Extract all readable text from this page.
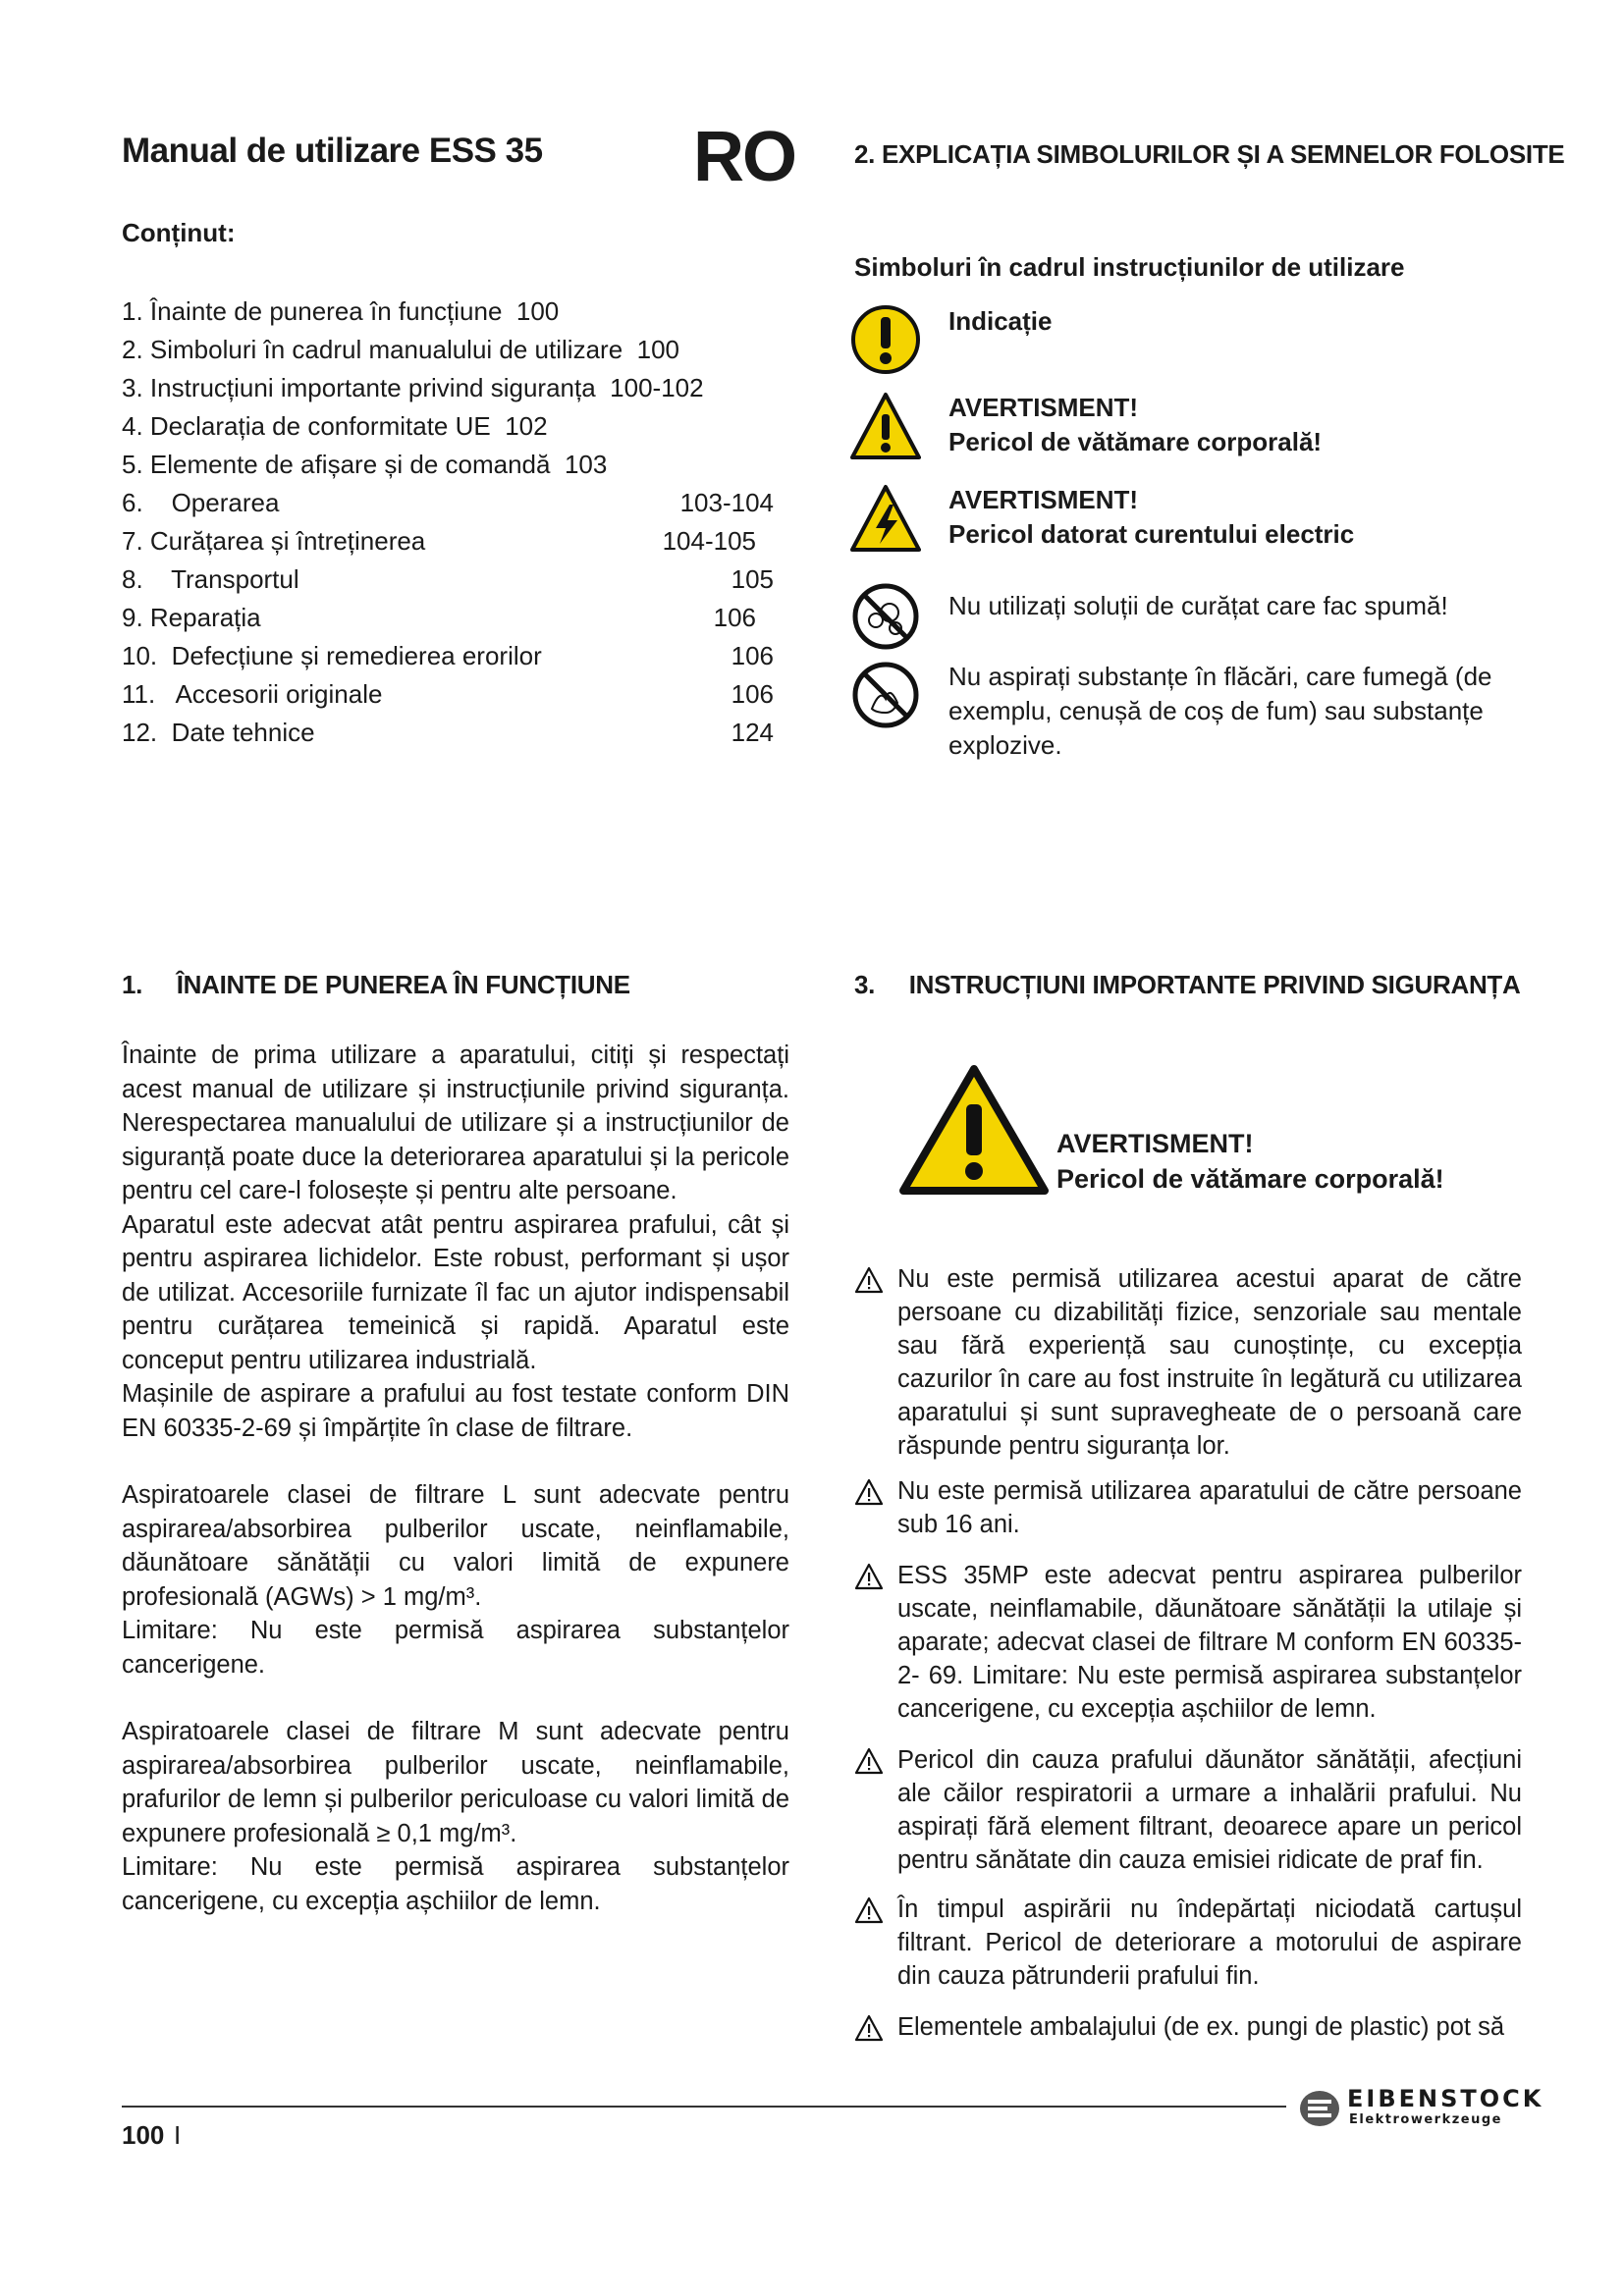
Manual de utilizare ESS 35 RO
Conținut:
1. Înainte de punerea în funcțiune 100
2. Simboluri în cadrul manualului de utilizare 100
3. Instrucțiuni importante privind siguranța 100-102
4. Declarația de conformitate UE 102
5. Elemente de afișare și de comandă 103
6.    Operarea	103-104
7. Curățarea și întreținerea	104-105
8.    Transportul	105
9. Reparația	106
10.  Defecțiune și remedierea erorilor	106
11.   Accesorii originale	106
12.  Date tehnice	124
2. EXPLICAȚIA SIMBOLURILOR ȘI A SEMNELOR FOLOSITE
Simboluri în cadrul instrucțiunilor de utilizare
Indicație
AVERTISMENT!
Pericol de vătămare corporală!
AVERTISMENT!
Pericol datorat curentului electric
Nu utilizați soluții de curățat care fac spumă!
Nu aspirați substanțe în flăcări, care fumegă (de exemplu, cenușă de coș de fum) sau substanțe explozive.
1.     ÎNAINTE DE PUNEREA ÎN FUNCȚIUNE
Înainte de prima utilizare a aparatului, citiți și respectați acest manual de utilizare și instrucțiunile privind siguranța. Nerespectarea manualului de utilizare și a instrucțiunilor de siguranță poate duce la deteriorarea aparatului și la pericole pentru cel care-l folosește și pentru alte persoane.
Aparatul este adecvat atât pentru aspirarea prafului, cât și pentru aspirarea lichidelor. Este robust, performant și ușor de utilizat. Accesoriile furnizate îl fac un ajutor indispensabil pentru curățarea temeinică și rapidă. Aparatul este conceput pentru utilizarea industrială.
Mașinile de aspirare a prafului au fost testate conform DIN EN 60335-2-69 și împărțite în clase de filtrare.
Aspiratoarele clasei de filtrare L sunt adecvate pentru aspirarea/absorbirea pulberilor uscate, neinflamabile, dăunătoare sănătății cu valori limită de expunere profesională (AGWs) > 1 mg/m³.
Limitare: Nu este permisă aspirarea substanțelor cancerigene.
Aspiratoarele clasei de filtrare M sunt adecvate pentru aspirarea/absorbirea pulberilor uscate, neinflamabile, prafurilor de lemn și pulberilor periculoase cu valori limită de expunere profesională ≥ 0,1 mg/m³.
Limitare: Nu este permisă aspirarea substanțelor cancerigene, cu excepția așchiilor de lemn.
3.     INSTRUCȚIUNI IMPORTANTE PRIVIND SIGURANȚA
AVERTISMENT!
Pericol de vătămare corporală!
Nu este permisă utilizarea acestui aparat de către persoane cu dizabilități fizice, senzoriale sau mentale sau fără experiență sau cunoștințe, cu excepția cazurilor în care au fost instruite în legătură cu utilizarea aparatului și sunt supravegheate de o persoană care răspunde pentru siguranța lor.
Nu este permisă utilizarea aparatului de către persoane sub 16 ani.
ESS 35MP este adecvat pentru aspirarea pulberilor uscate, neinflamabile, dăunătoare sănătății la utilaje și aparate; adecvat clasei de filtrare M conform EN 60335-2- 69. Limitare: Nu este permisă aspirarea substanțelor cancerigene, cu excepția așchiilor de lemn.
Pericol din cauza prafului dăunător sănătății, afecțiuni ale căilor respiratorii a urmare a inhalării prafului. Nu aspirați fără element filtrant, deoarece apare un pericol pentru sănătate din cauza emisiei ridicate de praf fin.
În timpul aspirării nu îndepărtați niciodată cartușul filtrant. Pericol de deteriorare a motorului de aspirare din cauza pătrunderii prafului fin.
Elementele ambalajului (de ex. pungi de plastic) pot să
100 I
EIBENSTOCK
Elektrowerkzeuge
